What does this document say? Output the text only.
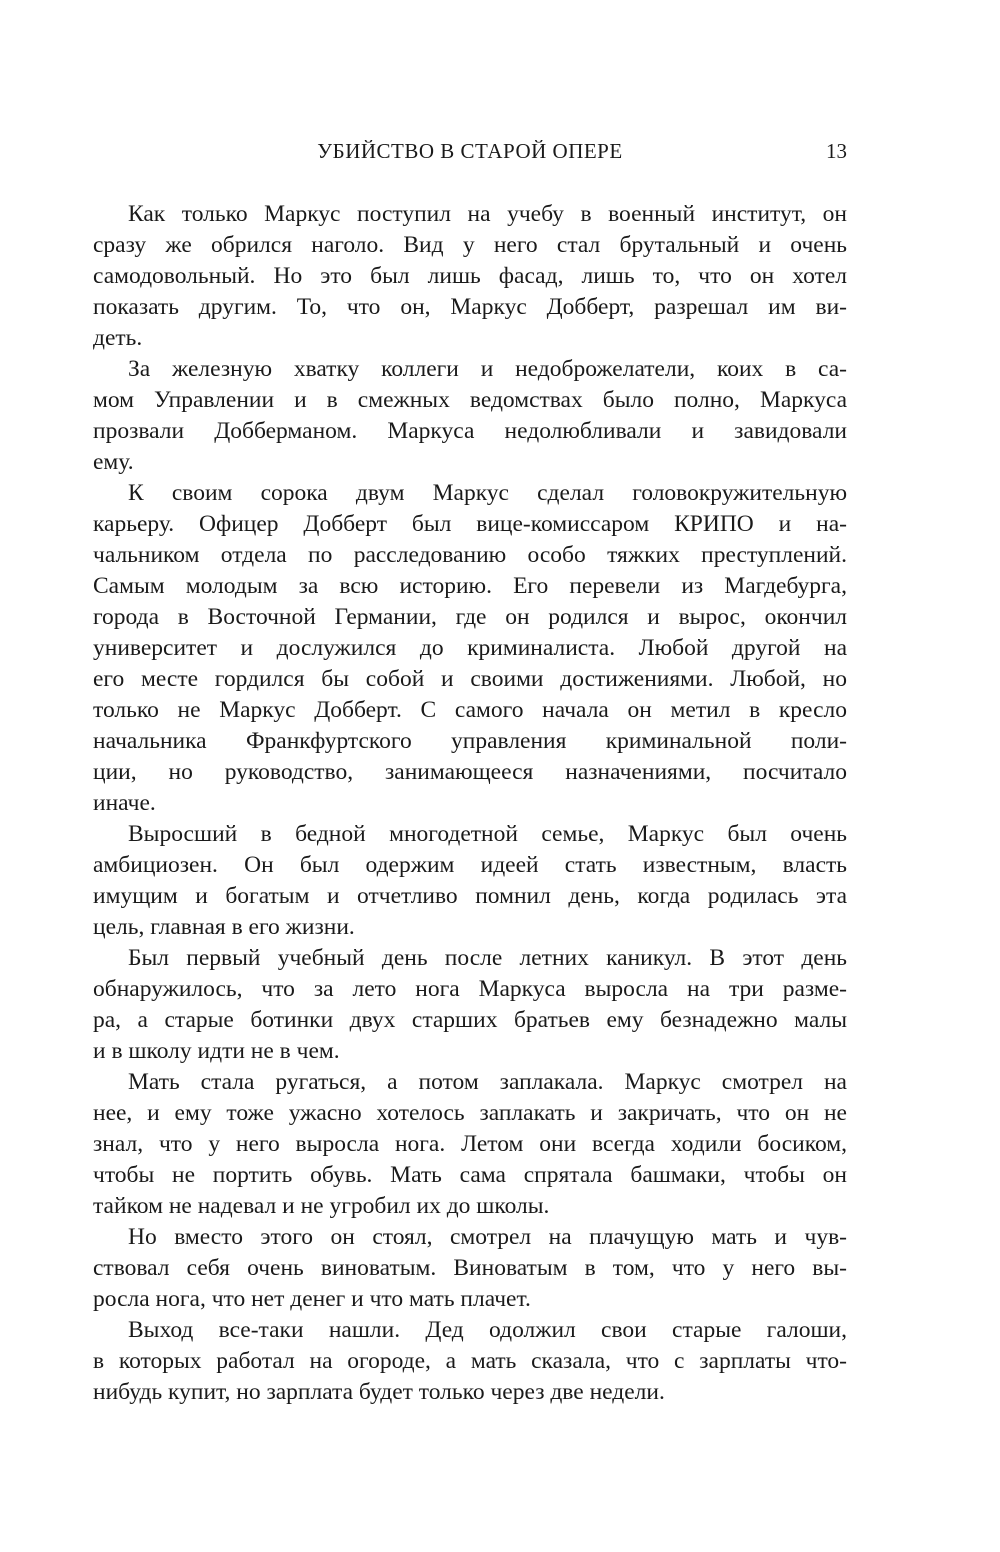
УБИЙСТВО В СТАРОЙ ОПЕРЕ	13
Как только Маркус поступил на учебу в военный институт, он
сразу же обрился наголо. Вид у него стал брутальный и очень
самодовольный. Но это был лишь фасад, лишь то, что он хотел
показать другим. То, что он, Маркус Добберт, разрешал им ви-
деть.
За железную хватку коллеги и недоброжелатели, коих в са-
мом Управлении и в смежных ведомствах было полно, Маркуса
прозвали Добберманом. Маркуса недолюбливали и завидовали
ему.
К своим сорока двум Маркус сделал головокружительную
карьеру. Офицер Добберт был вице-комиссаром КРИПО и на-
чальником отдела по расследованию особо тяжких преступлений.
Самым молодым за всю историю. Его перевели из Магдебурга,
города в Восточной Германии, где он родился и вырос, окончил
университет и дослужился до криминалиста. Любой другой на
его месте гордился бы собой и своими достижениями. Любой, но
только не Маркус Добберт. С самого начала он метил в кресло
начальника Франкфуртского управления криминальной поли-
ции, но руководство, занимающееся назначениями, посчитало
иначе.
Выросший в бедной многодетной семье, Маркус был очень
амбициозен. Он был одержим идеей стать известным, власть
имущим и богатым и отчетливо помнил день, когда родилась эта
цель, главная в его жизни.
Был первый учебный день после летних каникул. В этот день
обнаружилось, что за лето нога Маркуса выросла на три разме-
ра, а старые ботинки двух старших братьев ему безнадежно малы
и в школу идти не в чем.
Мать стала ругаться, а потом заплакала. Маркус смотрел на
нее, и ему тоже ужасно хотелось заплакать и закричать, что он не
знал, что у него выросла нога. Летом они всегда ходили босиком,
чтобы не портить обувь. Мать сама спрятала башмаки, чтобы он
тайком не надевал и не угробил их до школы.
Но вместо этого он стоял, смотрел на плачущую мать и чув-
ствовал себя очень виноватым. Виноватым в том, что у него вы-
росла нога, что нет денег и что мать плачет.
Выход все-таки нашли. Дед одолжил свои старые галоши,
в которых работал на огороде, а мать сказала, что с зарплаты что-
нибудь купит, но зарплата будет только через две недели.
